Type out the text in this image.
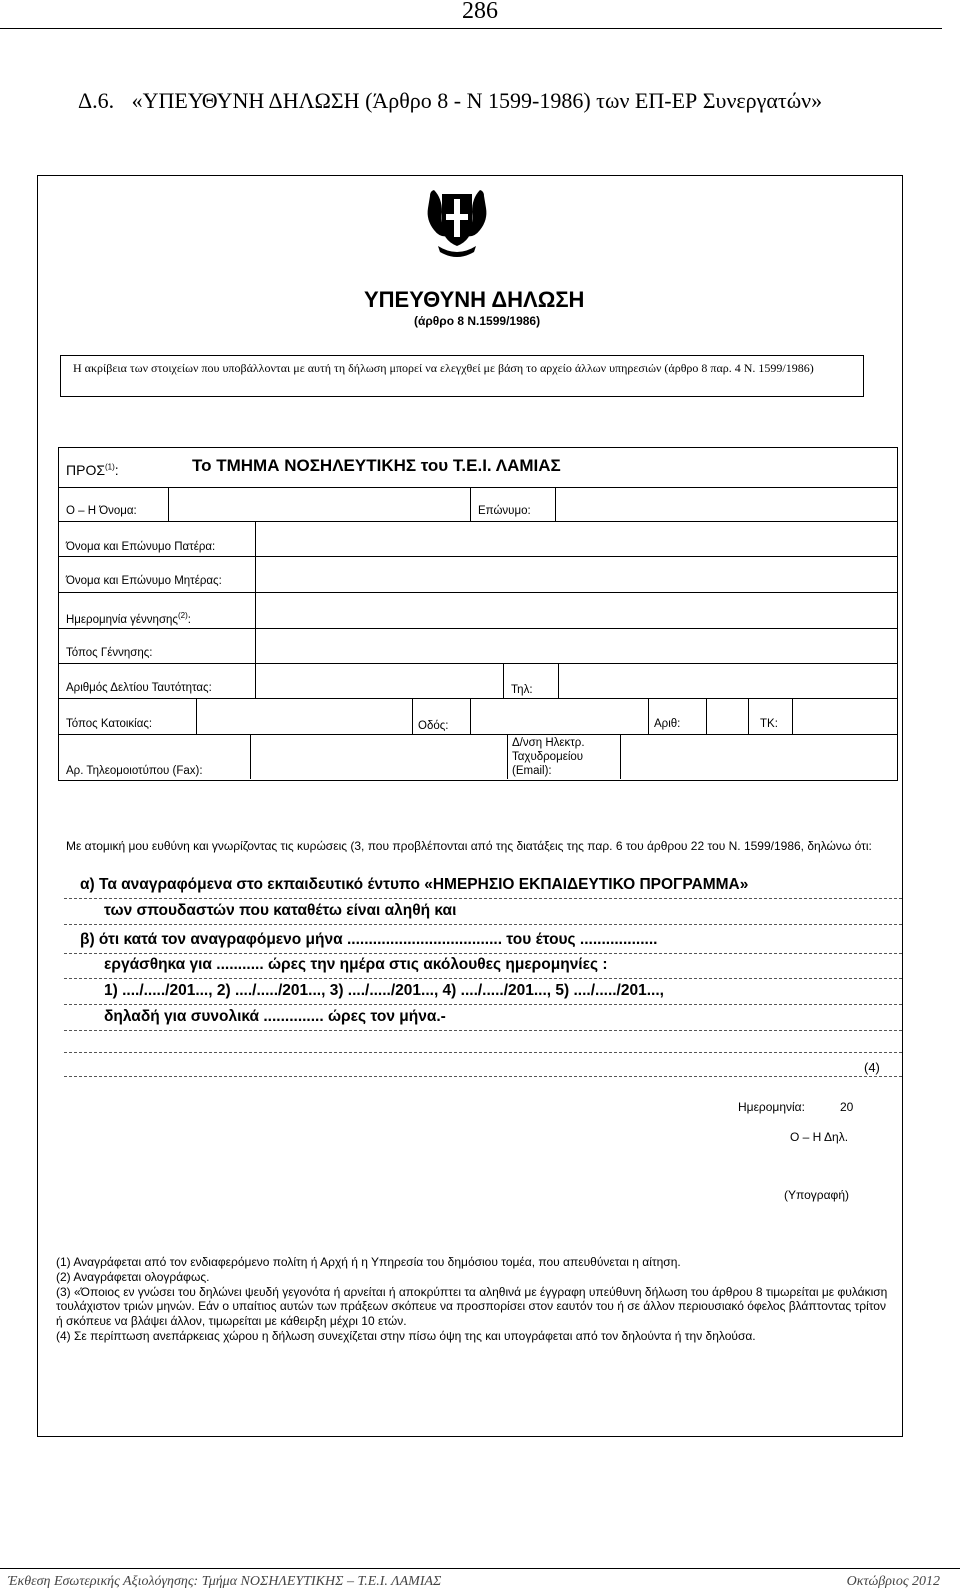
286
Δ.6. «ΥΠΕΥΘΥΝΗ ΔΗΛΩΣΗ (Άρθρο 8 - Ν 1599-1986) των ΕΠ-ΕΡ Συνεργατών»
ΥΠΕΥΘΥΝΗ ΔΗΛΩΣΗ
(άρθρο 8 Ν.1599/1986)
Η ακρίβεια των στοιχείων που υποβάλλονται με αυτή τη δήλωση μπορεί να ελεγχθεί με βάση το αρχείο άλλων υπηρεσιών (άρθρο 8 παρ. 4 Ν. 1599/1986)
ΠΡΟΣ$^{(1)}$:	Το ΤΜΗΜΑ ΝΟΣΗΛΕΥΤΙΚΗΣ του Τ.Ε.Ι. ΛΑΜΙΑΣ
Ο – Η Όνομα:	Επώνυμο:
Όνομα και Επώνυμο Πατέρα:
Όνομα και Επώνυμο Μητέρας:
Ημερομηνία γέννησης$^{(2)}$:
Τόπος Γέννησης:
Αριθμός Δελτίου Ταυτότητας:	Τηλ:
Τόπος Κατοικίας:	Οδός:	Αριθ:	ΤΚ:
Αρ. Τηλεομοιοτύπου (Fax):
Δ/νση Ηλεκτρ.
Ταχυδρομείου
(Email):
Με ατομική μου ευθύνη και γνωρίζοντας τις κυρώσεις (3, που προβλέπονται από της διατάξεις της παρ. 6 του άρθρου 22 του Ν. 1599/1986, δηλώνω ότι:
α) Τα αναγραφόμενα στο εκπαιδευτικό έντυπο «ΗΜΕΡΗΣΙΟ ΕΚΠΑΙΔΕΥΤΙΚΟ ΠΡΟΓΡΑΜΜΑ»
των σπουδαστών που καταθέτω είναι αληθή και
β) ότι κατά τον αναγραφόμενο μήνα .................................... του έτους ..................
εργάσθηκα για ........... ώρες την ημέρα στις ακόλουθες ημερομηνίες :
1) ..../...../201..., 2) ..../...../201..., 3) ..../...../201..., 4) ..../...../201..., 5) ..../...../201...,
δηλαδή για συνολικά .............. ώρες τον μήνα.-
(4)
Ημερομηνία:	20
Ο – Η Δηλ.
(Υπογραφή)

(1) Αναγράφεται από τον ενδιαφερόμενο πολίτη ή Αρχή ή η Υπηρεσία του δημόσιου τομέα, που απευθύνεται η αίτηση.

(2) Αναγράφεται ολογράφως.

(3) «Όποιος εν γνώσει του δηλώνει ψευδή γεγονότα ή αρνείται ή αποκρύπτει τα αληθινά με έγγραφη υπεύθυνη δήλωση του άρθρου 8 τιμωρείται με φυλάκιση τουλάχιστον τριών μηνών. Εάν ο υπαίτιος αυτών των πράξεων σκόπευε να προσπορίσει στον εαυτόν του ή σε άλλον περιουσιακό όφελος βλάπτοντας τρίτον ή σκόπευε να βλάψει άλλον, τιμωρείται με κάθειρξη μέχρι 10 ετών.

(4) Σε περίπτωση ανεπάρκειας χώρου η δήλωση συνεχίζεται στην πίσω όψη της και υπογράφεται από τον δηλούντα ή την δηλούσα.

Έκθεση Εσωτερικής Αξιολόγησης: Τμήμα ΝΟΣΗΛΕΥΤΙΚΗΣ – Τ.Ε.Ι. ΛΑΜΙΑΣ	Οκτώβριος 2012
